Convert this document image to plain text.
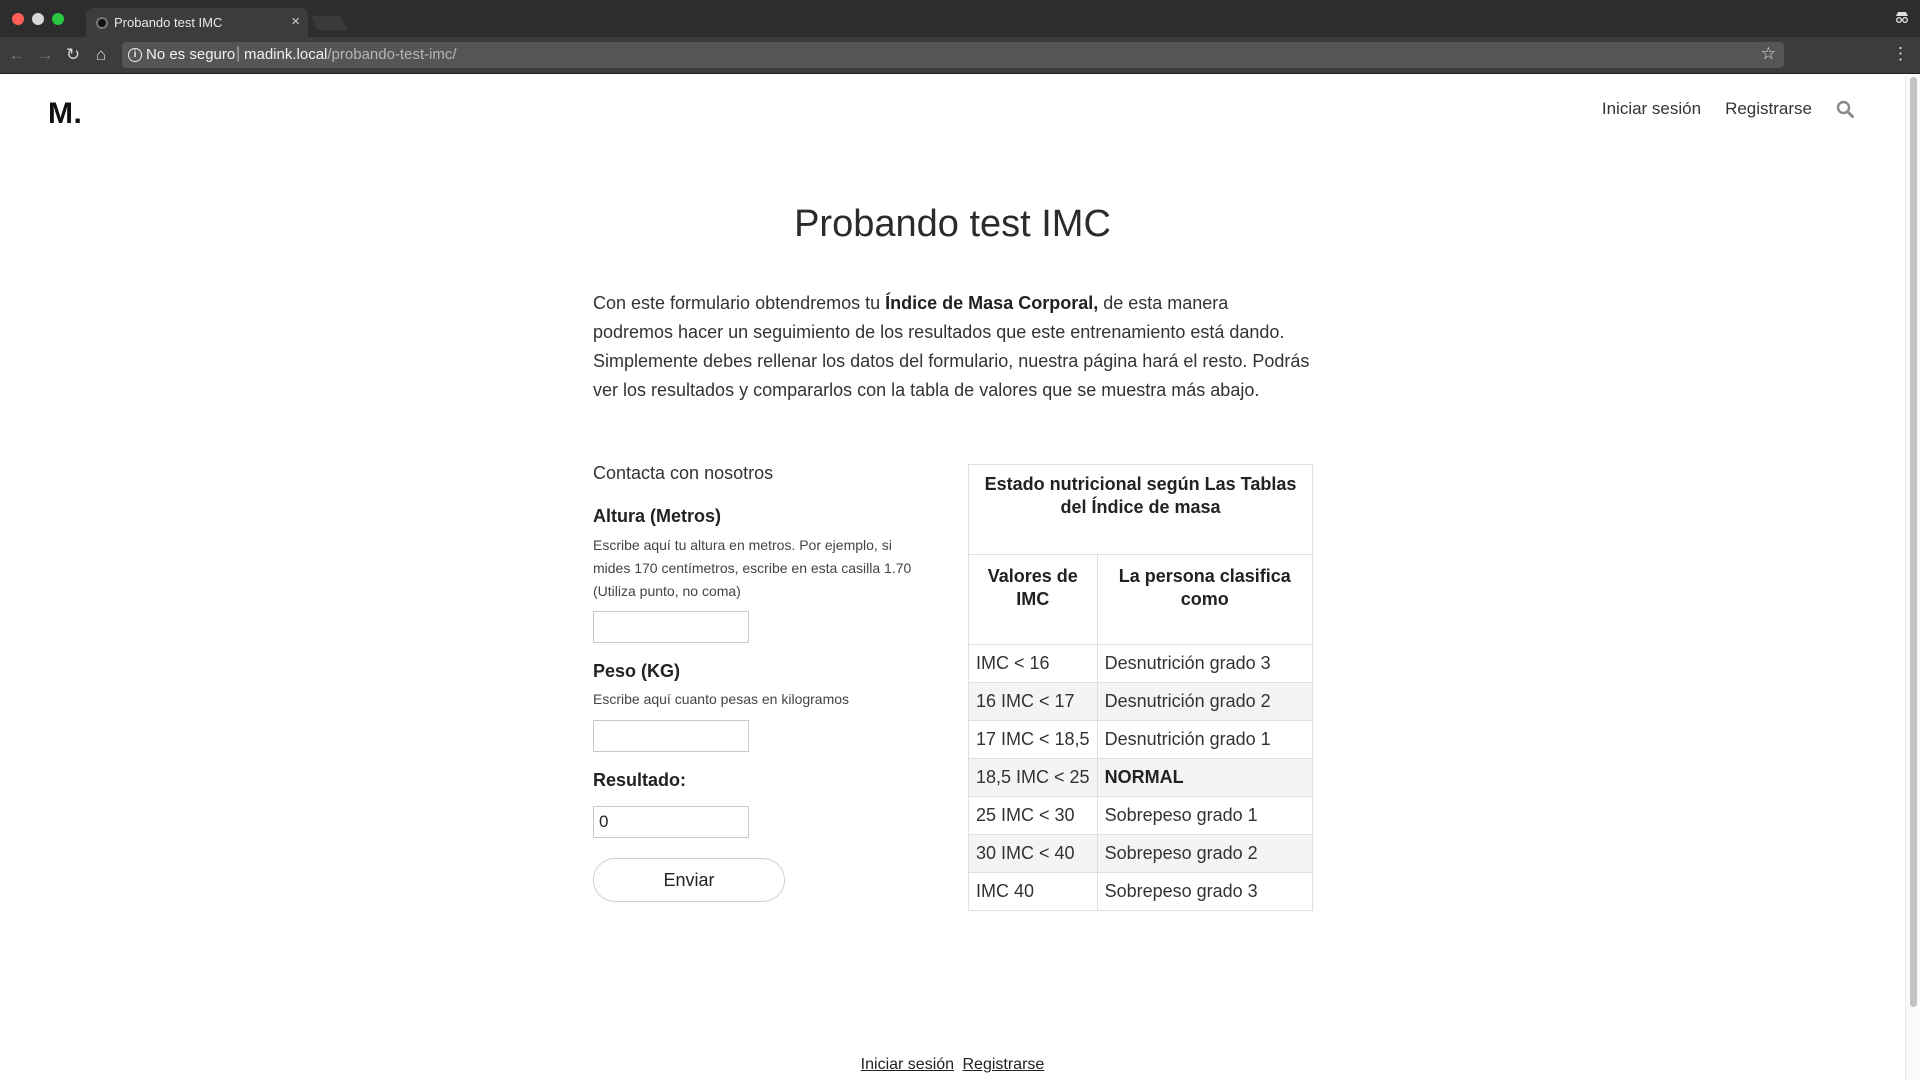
Probando test IMC	×
← → ↻ ⌂	i No es seguro | madink.local/probando-test-imc/	☆	⋮
M.	Iniciar sesión Registrarse
Probando test IMC

Con este formulario obtendremos tu Índice de Masa Corporal, de esta manera podremos hacer un seguimiento de los resultados que este entrenamiento está dando. Simplemente debes rellenar los datos del formulario, nuestra página hará el resto. Podrás ver los resultados y compararlos con la tabla de valores que se muestra más abajo.

Contacta con nosotros
Altura (Metros)
Escribe aquí tu altura en metros. Por ejemplo, si mides 170 centímetros, escribe en esta casilla 1.70 (Utiliza punto, no coma)
Peso (KG)
Escribe aquí cuanto pesas en kilogramos
Resultado:
0
Enviar
Estado nutricional según Las Tablas del Índice de masa	
Valores de IMC	La persona clasifica como
IMC < 16	Desnutrición grado 3
16 IMC < 17	Desnutrición grado 2
17 IMC < 18,5	Desnutrición grado 1
18,5 IMC < 25	NORMAL
25 IMC < 30	Sobrepeso grado 1
30 IMC < 40	Sobrepeso grado 2
IMC 40	Sobrepeso grado 3
Iniciar sesión Registrarse
